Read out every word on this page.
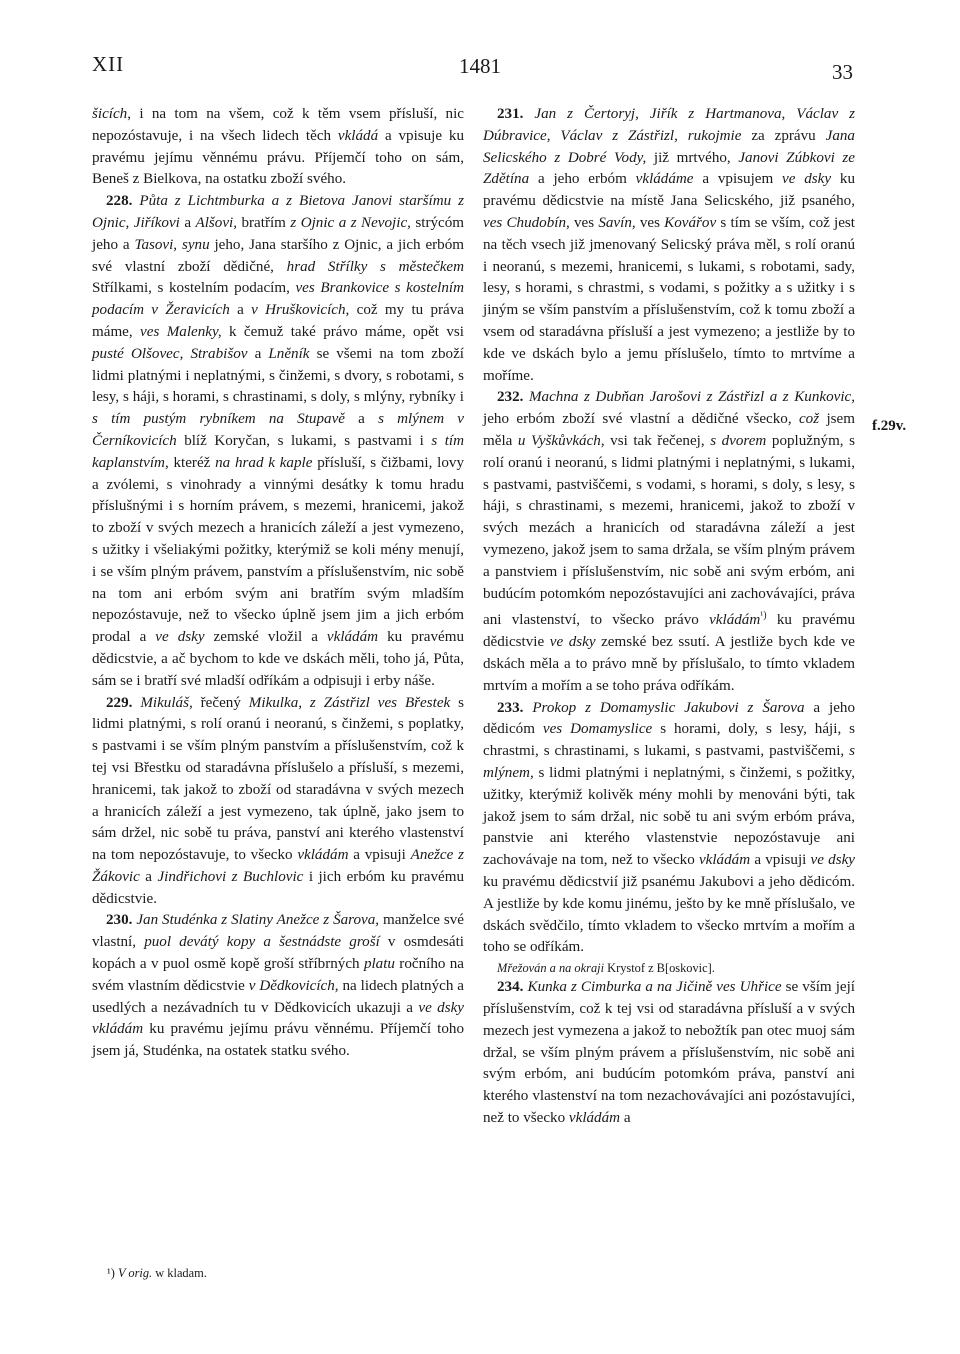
XII	1481	33

šicích, i na tom na všem, což k těm vsem přísluší, nic nepozóstavuje, i na všech lidech těch vkládá a vpisuje ku pravému jejímu věnnému právu. Příjemčí toho on sám, Beneš z Bielkova, na ostatku zboží svého.

228. Půta z Lichtmburka a z Bietova Janovi staršímu z Ojnic, Jiříkovi a Alšovi, bratřím z Ojnic a z Nevojic, strýcóm jeho a Tasovi, synu jeho, Jana staršího z Ojnic, a jich erbóm své vlastní zboží dědičné, hrad Střílky s městečkem Střílkami, s kostelním podacím, ves Brankovice s kostelním podacím v Žeravicích a v Hruškovicích, což my tu práva máme, ves Malenky, k čemuž také právo máme, opět vsi pusté Olšovec, Strabišov a Lněník se všemi na tom zboží lidmi platnými i neplatnými, s činžemi, s dvory, s robotami, s lesy, s háji, s horami, s chrastinami, s doly, s mlýny, rybníky i s tím pustým rybníkem na Stupavě a s mlýnem v Černíkovicích blíž Koryčan, s lukami, s pastvami i s tím kaplanstvím, kteréž na hrad k kaple přísluší, s čižbami, lovy a zvólemi, s vinohrady a vinnými desátky k tomu hradu příslušnými i s horním právem, s mezemi, hranicemi, jakož to zboží v svých mezech a hranicích záleží a jest vymezeno, s užitky i všeliakými požitky, kterýmiž se koli mény menují, i se vším plným právem, panstvím a příslušenstvím, nic sobě na tom ani erbóm svým ani bratřím svým mladším nepozóstavuje, než to všecko úplně jsem jim a jich erbóm prodal a ve dsky zemské vložil a vkládám ku pravému dědicstvie, a ač bychom to kde ve dskách měli, toho já, Půta, sám se i bratří své mladší odříkám a odpisuji i erby náše.

229. Mikuláš, řečený Mikulka, z Zástřizl ves Břestek s lidmi platnými, s rolí oranú i neoranú, s činžemi, s poplatky, s pastvami i se vším plným panstvím a příslušenstvím, což k tej vsi Břestku od staradávna příslušelo a přísluší, s mezemi, hranicemi, tak jakož to zboží od staradávna v svých mezech a hranicích záleží a jest vymezeno, tak úplně, jako jsem to sám držel, nic sobě tu práva, panství ani kterého vlastenství na tom nepozóstavuje, to všecko vkládám a vpisuji Anežce z Žákovic a Jindřichovi z Buchlovic i jich erbóm ku pravému dědicstvie.

230. Jan Studénka z Slatiny Anežce z Šarova, manželce své vlastní, puol devátý kopy a šestnádste groší v osmdesáti kopách a v puol osmě kopě groší stříbrných platu ročního na svém vlastním dědicstvie v Dědkovicích, na lidech platných a usedlých a nezávadních tu v Dědkovicích ukazuji a ve dsky vkládám ku pravému jejímu právu věnnému. Příjemčí toho jsem já, Studénka, na ostatek statku svého.

231. Jan z Čertoryj, Jiřík z Hartmanova, Václav z Dúbravice, Václav z Zástřizl, rukojmie za zprávu Jana Selicského z Dobré Vody, již mrtvého, Janovi Zúbkovi ze Zdětína a jeho erbóm vkládáme a vpisujem ve dsky ku pravému dědicstvie na místě Jana Selicského, již psaného, ves Chudobín, ves Savín, ves Kovářov s tím se vším, což jest na těch vsech již jmenovaný Selicský práva měl, s rolí oranú i neoranú, s mezemi, hranicemi, s lukami, s robotami, sady, lesy, s horami, s chrastmi, s vodami, s požitky a s užitky i s jiným se vším panstvím a příslušenstvím, což k tomu zboží a vsem od staradávna přísluší a jest vymezeno; a jestliže by to kde ve dskách bylo a jemu příslušelo, tímto to mrtvíme a moříme.

232. Machna z Dubňan Jarošovi z Zástřizl a z Kunkovic, jeho erbóm zboží své vlastní a dědičné všecko, což jsem měla u Vyškůvkách, vsi tak řečenej, s dvorem poplužným, s rolí oranú i neoranú, s lidmi platnými i neplatnými, s lukami, s pastvami, pastviščemi, s vodami, s horami, s doly, s lesy, s háji, s chrastinami, s mezemi, hranicemi, jakož to zboží v svých mezách a hranicích od staradávna záleží a jest vymezeno, jakož jsem to sama držala, se vším plným právem a panstviem i příslušenstvím, nic sobě ani svým erbóm, ani budúcím potomkóm nepozóstavujíci ani zachovávajíci, práva ani vlastenství, to všecko právo vkládám$^{^1)}$ ku pravému dědicstvie ve dsky zemské bez ssutí. A jestliže bych kde ve dskách měla a to právo mně by příslušalo, to tímto vkladem mrtvím a mořím a se toho práva odříkám.

233. Prokop z Domamyslic Jakubovi z Šarova a jeho dědicóm ves Domamyslice s horami, doly, s lesy, háji, s chrastmi, s chrastinami, s lukami, s pastvami, pastviščemi, s mlýnem, s lidmi platnými i neplatnými, s činžemi, s požitky, užitky, kterýmiž kolivěk mény mohli by menováni býti, tak jakož jsem to sám držal, nic sobě tu ani svým erbóm práva, panstvie ani kterého vlastenstvie nepozóstavuje ani zachovávaje na tom, než to všecko vkládám a vpisuji ve dsky ku pravému dědicstvií již psanému Jakubovi a jeho dědicóm. A jestliže by kde komu jinému, ješto by ke mně příslušalo, ve dskách svědčilo, tímto vkladem to všecko mrtvím a mořím a toho se odříkám.

Mřežován a na okraji Krystof z B[oskovic].

234. Kunka z Cimburka a na Jičině ves Uhřice se vším její příslušenstvím, což k tej vsi od staradávna přísluší a v svých mezech jest vymezena a jakož to nebožtík pan otec muoj sám držal, se vším plným právem a příslušenstvím, nic sobě ani svým erbóm, ani budúcím potomkóm práva, panství ani kterého vlastenství na tom nezachovávajíci ani pozóstavujíci, než to všecko vkládám a

f.29v.
¹) V orig. w kladam.
